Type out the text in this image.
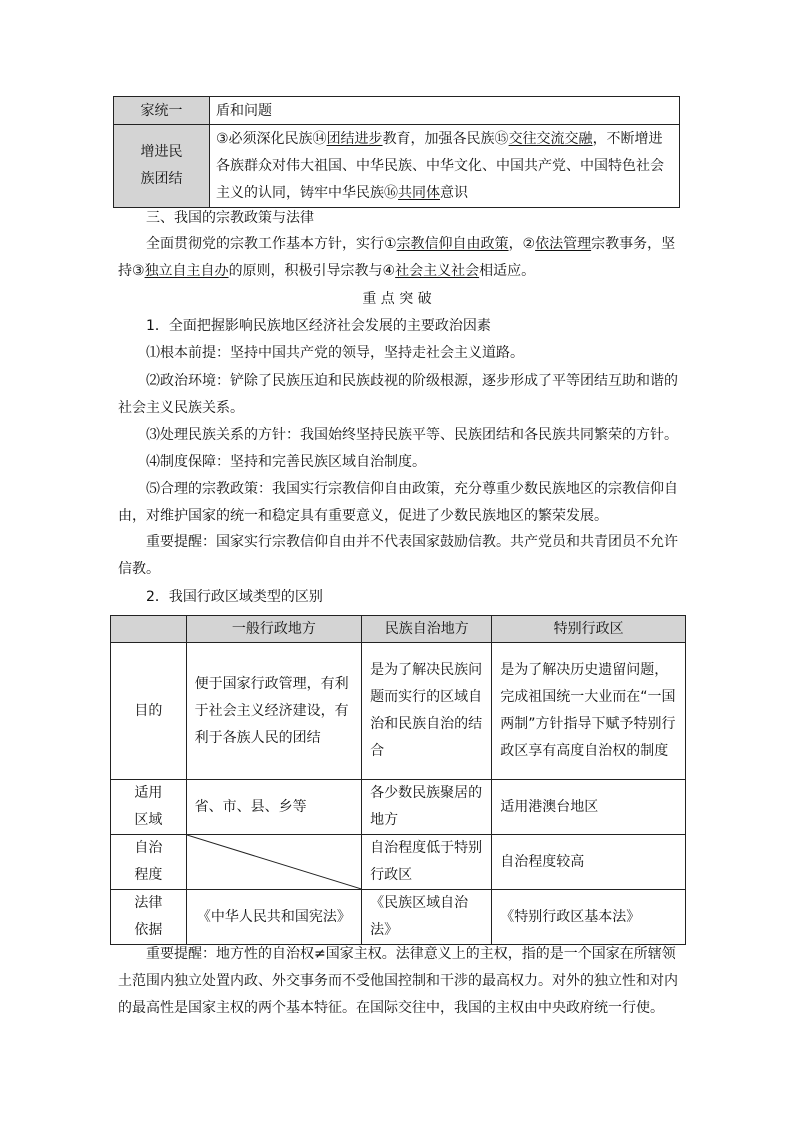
家统一	盾和问题

增进民
族团结	③必须深化民族⑭团结进步教育，加强各民族⑮交往交流交融，不断增进各族群众对伟大祖国、中华民族、中华文化、中国共产党、中国特色社会主义的认同，铸牢中华民族⑯共同体意识
三、我国的宗教政策与法律
全面贯彻党的宗教工作基本方针，实行①宗教信仰自由政策，②依法管理宗教事务，坚持③独立自主自办的原则，积极引导宗教与④社会主义社会相适应。
重 点 突 破
1．全面把握影响民族地区经济社会发展的主要政治因素
⑴根本前提：坚持中国共产党的领导，坚持走社会主义道路。
⑵政治环境：铲除了民族压迫和民族歧视的阶级根源，逐步形成了平等团结互助和谐的社会主义民族关系。
⑶处理民族关系的方针：我国始终坚持民族平等、民族团结和各民族共同繁荣的方针。
⑷制度保障：坚持和完善民族区域自治制度。
⑸合理的宗教政策：我国实行宗教信仰自由政策，充分尊重少数民族地区的宗教信仰自由，对维护国家的统一和稳定具有重要意义，促进了少数民族地区的繁荣发展。
重要提醒：国家实行宗教信仰自由并不代表国家鼓励信教。共产党员和共青团员不允许信教。
2．我国行政区域类型的区别
	一般行政地方	民族自治地方	特别行政区
目的	便于国家行政管理，有利于社会主义经济建设，有利于各族人民的团结	是为了解决民族问题而实行的区域自治和民族自治的结合	是为了解决历史遗留问题，完成祖国统一大业而在“一国两制”方针指导下赋予特别行政区享有高度自治权的制度

适用
区域	省、市、县、乡等	各少数民族聚居的地方	适用港澳台地区

自治
程度		自治程度低于特别行政区	自治程度较高

法律
依据	《中华人民共和国宪法》	《民族区域自治法》	《特别行政区基本法》
重要提醒：地方性的自治权≠国家主权。法律意义上的主权，指的是一个国家在所辖领土范围内独立处置内政、外交事务而不受他国控制和干涉的最高权力。对外的独立性和对内的最高性是国家主权的两个基本特征。在国际交往中，我国的主权由中央政府统一行使。
